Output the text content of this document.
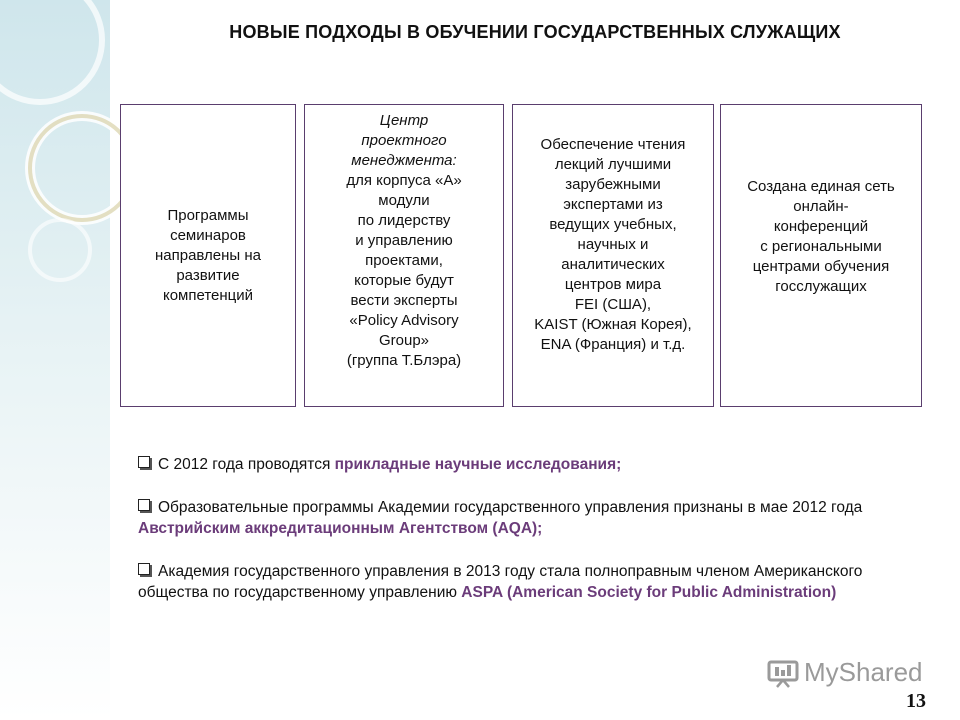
НОВЫЕ ПОДХОДЫ В ОБУЧЕНИИ ГОСУДАРСТВЕННЫХ СЛУЖАЩИХ
Программы
семинаров
направлены на
развитие
компетенций
Центр
проектного
менеджмента:
для корпуса «А»
модули
по лидерству
и управлению
проектами,
которые будут
вести эксперты
«Policy Advisory
Group»
(группа Т.Блэра)
Обеспечение чтения
лекций лучшими
зарубежными
экспертами из
ведущих учебных,
научных и
аналитических
центров мира
FEI (США),
KAIST (Южная Корея),
ENA (Франция) и т.д.
Создана единая сеть
онлайн-
конференций
с региональными
центрами обучения
госслужащих
С 2012 года проводятся прикладные научные исследования;
Образовательные программы Академии государственного управления признаны в мае 2012 года Австрийским аккредитационным Агентством (AQA);
Академия государственного управления в 2013 году стала полноправным членом Американского общества по государственному управлению ASPA (American Society for Public Administration)
MyShared
13
